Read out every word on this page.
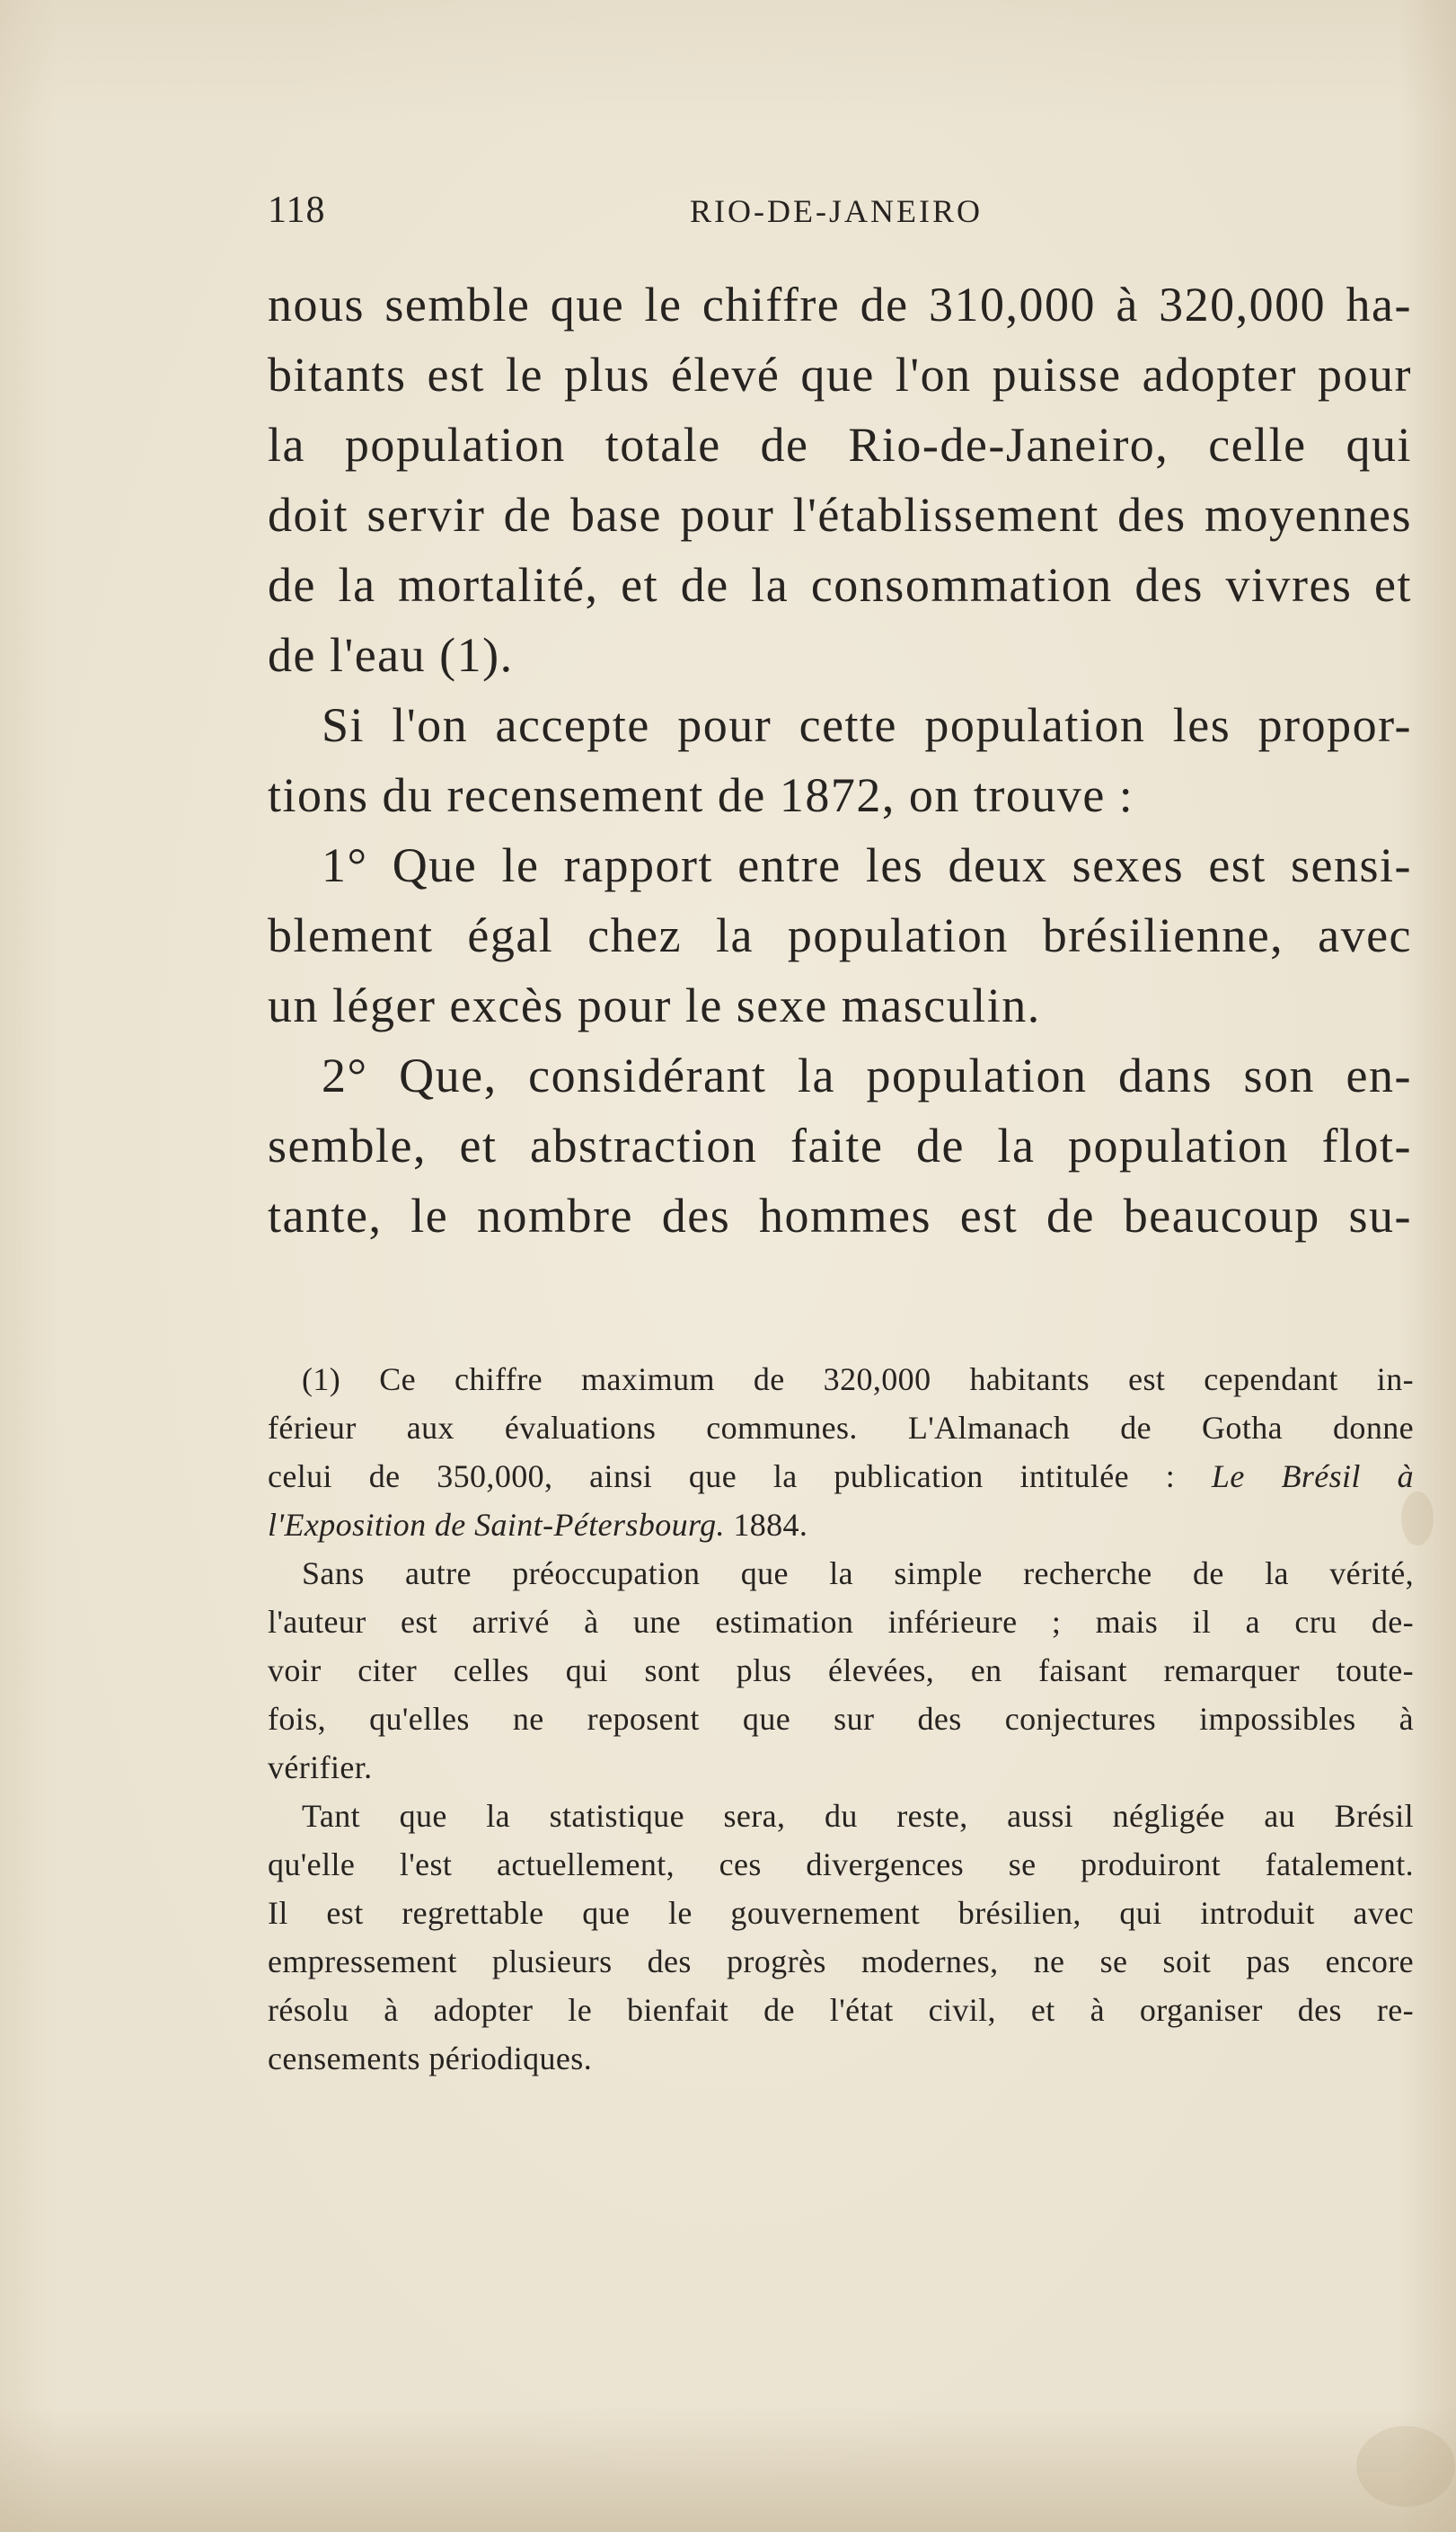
118	RIO-DE-JANEIRO
nous semble que le chiffre de 310,000 à 320,000 ha-
bitants est le plus élevé que l'on puisse adopter pour
la population totale de Rio-de-Janeiro, celle qui
doit servir de base pour l'établissement des moyennes
de la mortalité, et de la consommation des vivres et
de l'eau (1).
Si l'on accepte pour cette population les propor-
tions du recensement de 1872, on trouve :
1° Que le rapport entre les deux sexes est sensi-
blement égal chez la population brésilienne, avec
un léger excès pour le sexe masculin.
2° Que, considérant la population dans son en-
semble, et abstraction faite de la population flot-
tante, le nombre des hommes est de beaucoup su-
(1) Ce chiffre maximum de 320,000 habitants est cependant in-
férieur aux évaluations communes. L'Almanach de Gotha donne
celui de 350,000, ainsi que la publication intitulée : Le Brésil à
l'Exposition de Saint-Pétersbourg. 1884.
Sans autre préoccupation que la simple recherche de la vérité,
l'auteur est arrivé à une estimation inférieure ; mais il a cru de-
voir citer celles qui sont plus élevées, en faisant remarquer toute-
fois, qu'elles ne reposent que sur des conjectures impossibles à
vérifier.
Tant que la statistique sera, du reste, aussi négligée au Brésil
qu'elle l'est actuellement, ces divergences se produiront fatalement.
Il est regrettable que le gouvernement brésilien, qui introduit avec
empressement plusieurs des progrès modernes, ne se soit pas encore
résolu à adopter le bienfait de l'état civil, et à organiser des re-
censements périodiques.
